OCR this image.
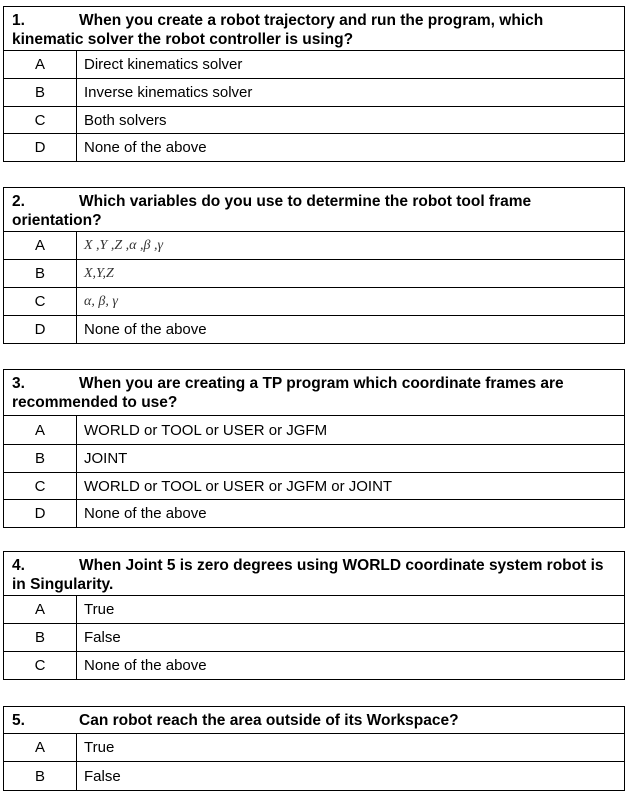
1.	When you create a robot trajectory and run the program, which kinematic solver the robot controller is using?
A	Direct kinematics solver
B	Inverse kinematics solver
C	Both solvers
D	None of the above
2.	Which variables do you use to determine the robot tool frame orientation?
A	X ,Y ,Z ,α ,β ,γ
B	X,Y,Z
C	α, β, γ
D	None of the above
3.	When you are creating a TP program which coordinate frames are recommended to use?
A	WORLD or TOOL or USER or JGFM
B	JOINT
C	WORLD or TOOL or USER or JGFM or JOINT
D	None of the above
4.	When Joint 5 is zero degrees using WORLD coordinate system robot is in Singularity.
A	True
B	False
C	None of the above
5.	Can robot reach the area outside of its Workspace?
A	True
B	False
